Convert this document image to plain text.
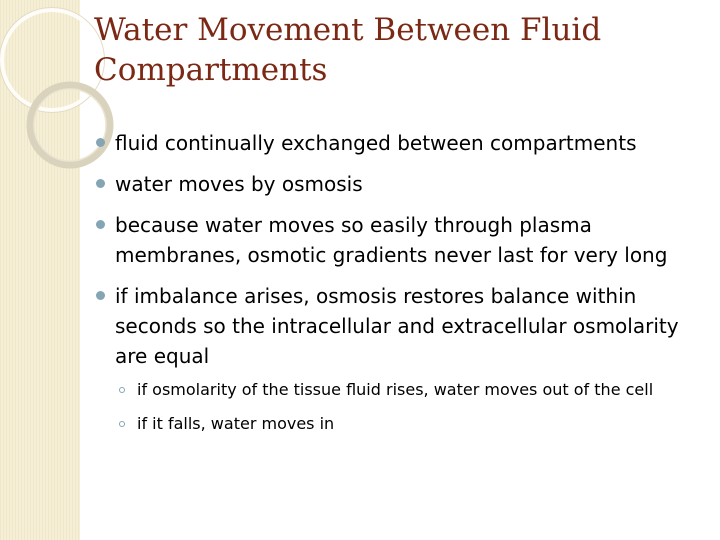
Water Movement Between Fluid Compartments
fluid continually exchanged between compartments
water moves by osmosis
because water moves so easily through plasma membranes, osmotic gradients never last for very long
if imbalance arises, osmosis restores balance within seconds so the intracellular and extracellular osmolarity are equal
if osmolarity of the tissue fluid rises, water moves out of the cell
if it falls, water moves in
